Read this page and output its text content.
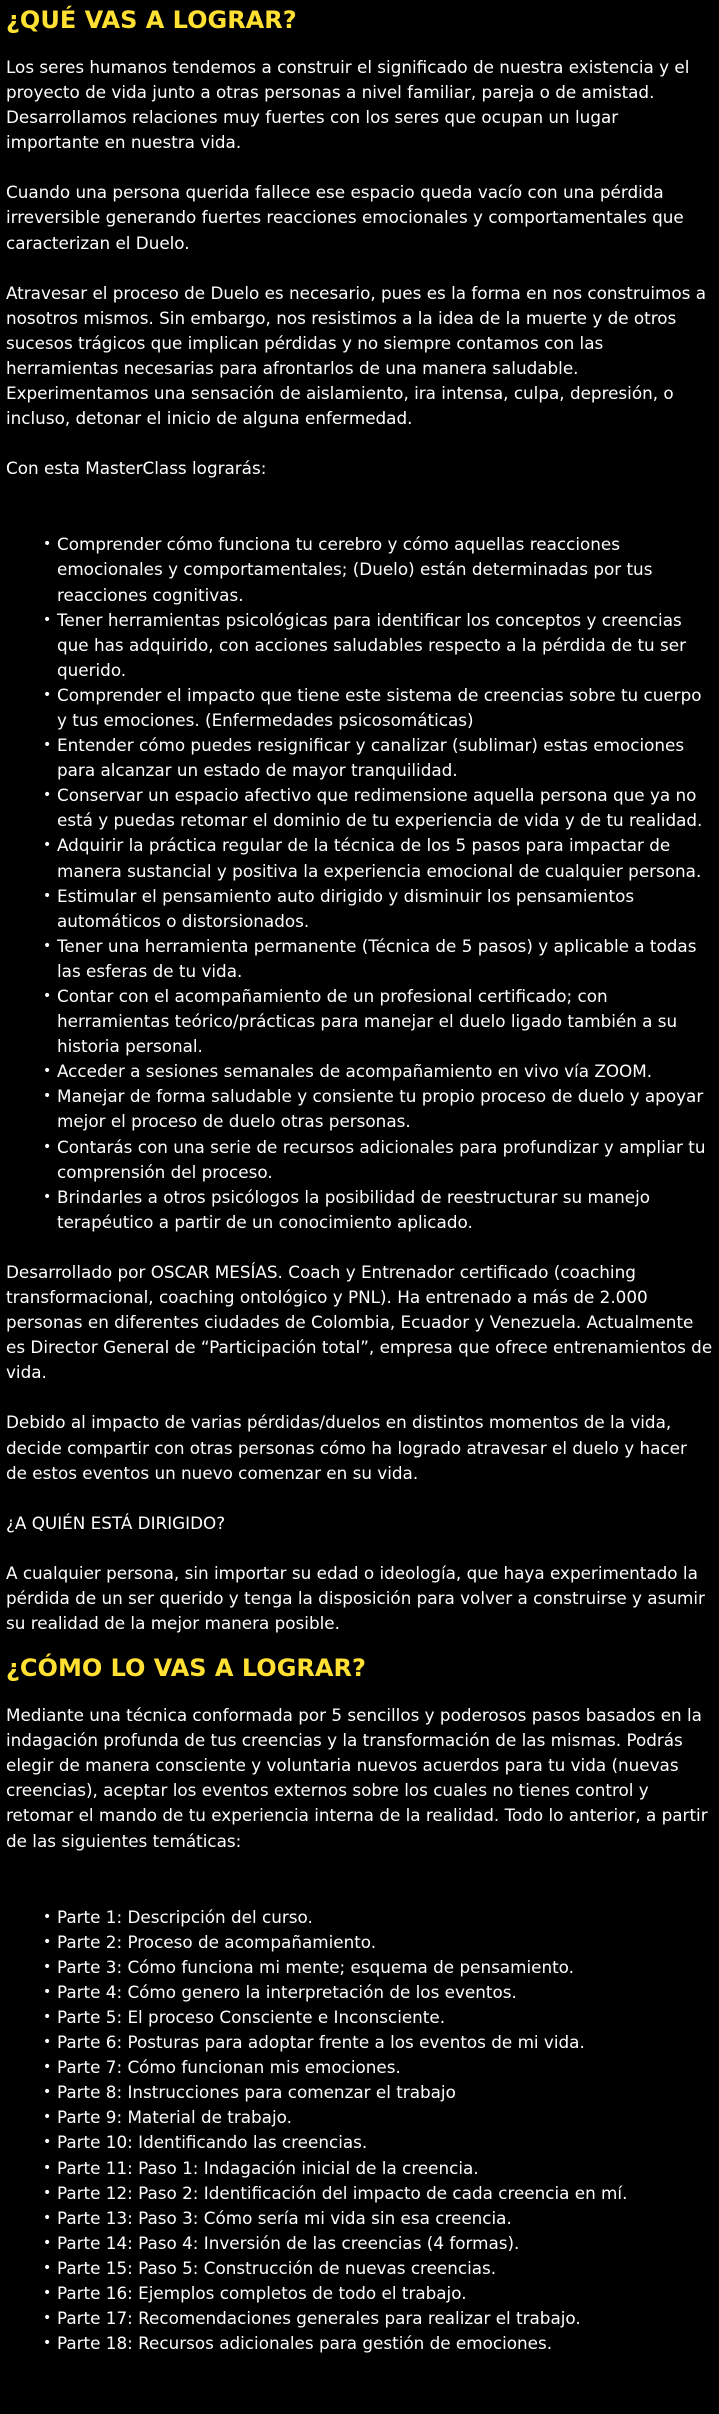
¿QUÉ VAS A LOGRAR?

Los seres humanos tendemos a construir el significado de nuestra existencia y el proyecto de vida junto a otras personas a nivel familiar, pareja o de amistad. Desarrollamos relaciones muy fuertes con los seres que ocupan un lugar importante en nuestra vida.

Cuando una persona querida fallece ese espacio queda vacío con una pérdida irreversible generando fuertes reacciones emocionales y comportamentales que caracterizan el Duelo.

Atravesar el proceso de Duelo es necesario, pues es la forma en nos construimos a nosotros mismos. Sin embargo, nos resistimos a la idea de la muerte y de otros sucesos trágicos que implican pérdidas y no siempre contamos con las herramientas necesarias para afrontarlos de una manera saludable. Experimentamos una sensación de aislamiento, ira intensa, culpa, depresión, o incluso, detonar el inicio de alguna enfermedad.

Con esta MasterClass lograrás:

• Comprender cómo funciona tu cerebro y cómo aquellas reacciones emocionales y comportamentales; (Duelo) están determinadas por tus reacciones cognitivas.
• Tener herramientas psicológicas para identificar los conceptos y creencias que has adquirido, con acciones saludables respecto a la pérdida de tu ser querido.
• Comprender el impacto que tiene este sistema de creencias sobre tu cuerpo y tus emociones. (Enfermedades psicosomáticas)
• Entender cómo puedes resignificar y canalizar (sublimar) estas emociones para alcanzar un estado de mayor tranquilidad.
• Conservar un espacio afectivo que redimensione aquella persona que ya no está y puedas retomar el dominio de tu experiencia de vida y de tu realidad.
• Adquirir la práctica regular de la técnica de los 5 pasos para impactar de manera sustancial y positiva la experiencia emocional de cualquier persona.
• Estimular el pensamiento auto dirigido y disminuir los pensamientos automáticos o distorsionados.
• Tener una herramienta permanente (Técnica de 5 pasos) y aplicable a todas las esferas de tu vida.
• Contar con el acompañamiento de un profesional certificado; con herramientas teórico/prácticas para manejar el duelo ligado también a su historia personal.
• Acceder a sesiones semanales de acompañamiento en vivo vía ZOOM.
• Manejar de forma saludable y consiente tu propio proceso de duelo y apoyar mejor el proceso de duelo otras personas.
• Contarás con una serie de recursos adicionales para profundizar y ampliar tu comprensión del proceso.
• Brindarles a otros psicólogos la posibilidad de reestructurar su manejo terapéutico a partir de un conocimiento aplicado.

Desarrollado por OSCAR MESÍAS. Coach y Entrenador certificado (coaching transformacional, coaching ontológico y PNL). Ha entrenado a más de 2.000 personas en diferentes ciudades de Colombia, Ecuador y Venezuela. Actualmente es Director General de “Participación total”, empresa que ofrece entrenamientos de vida.

Debido al impacto de varias pérdidas/duelos en distintos momentos de la vida, decide compartir con otras personas cómo ha logrado atravesar el duelo y hacer de estos eventos un nuevo comenzar en su vida.

¿A QUIÉN ESTÁ DIRIGIDO?

A cualquier persona, sin importar su edad o ideología, que haya experimentado la pérdida de un ser querido y tenga la disposición para volver a construirse y asumir su realidad de la mejor manera posible.

¿CÓMO LO VAS A LOGRAR?

Mediante una técnica conformada por 5 sencillos y poderosos pasos basados en la indagación profunda de tus creencias y la transformación de las mismas. Podrás elegir de manera consciente y voluntaria nuevos acuerdos para tu vida (nuevas creencias), aceptar los eventos externos sobre los cuales no tienes control y retomar el mando de tu experiencia interna de la realidad. Todo lo anterior, a partir de las siguientes temáticas:

• Parte 1: Descripción del curso.
• Parte 2: Proceso de acompañamiento.
• Parte 3: Cómo funciona mi mente; esquema de pensamiento.
• Parte 4: Cómo genero la interpretación de los eventos.
• Parte 5: El proceso Consciente e Inconsciente.
• Parte 6: Posturas para adoptar frente a los eventos de mi vida.
• Parte 7: Cómo funcionan mis emociones.
• Parte 8: Instrucciones para comenzar el trabajo
• Parte 9: Material de trabajo.
• Parte 10: Identificando las creencias.
• Parte 11: Paso 1: Indagación inicial de la creencia.
• Parte 12: Paso 2: Identificación del impacto de cada creencia en mí.
• Parte 13: Paso 3: Cómo sería mi vida sin esa creencia.
• Parte 14: Paso 4: Inversión de las creencias (4 formas).
• Parte 15: Paso 5: Construcción de nuevas creencias.
• Parte 16: Ejemplos completos de todo el trabajo.
• Parte 17: Recomendaciones generales para realizar el trabajo.
• Parte 18: Recursos adicionales para gestión de emociones.
